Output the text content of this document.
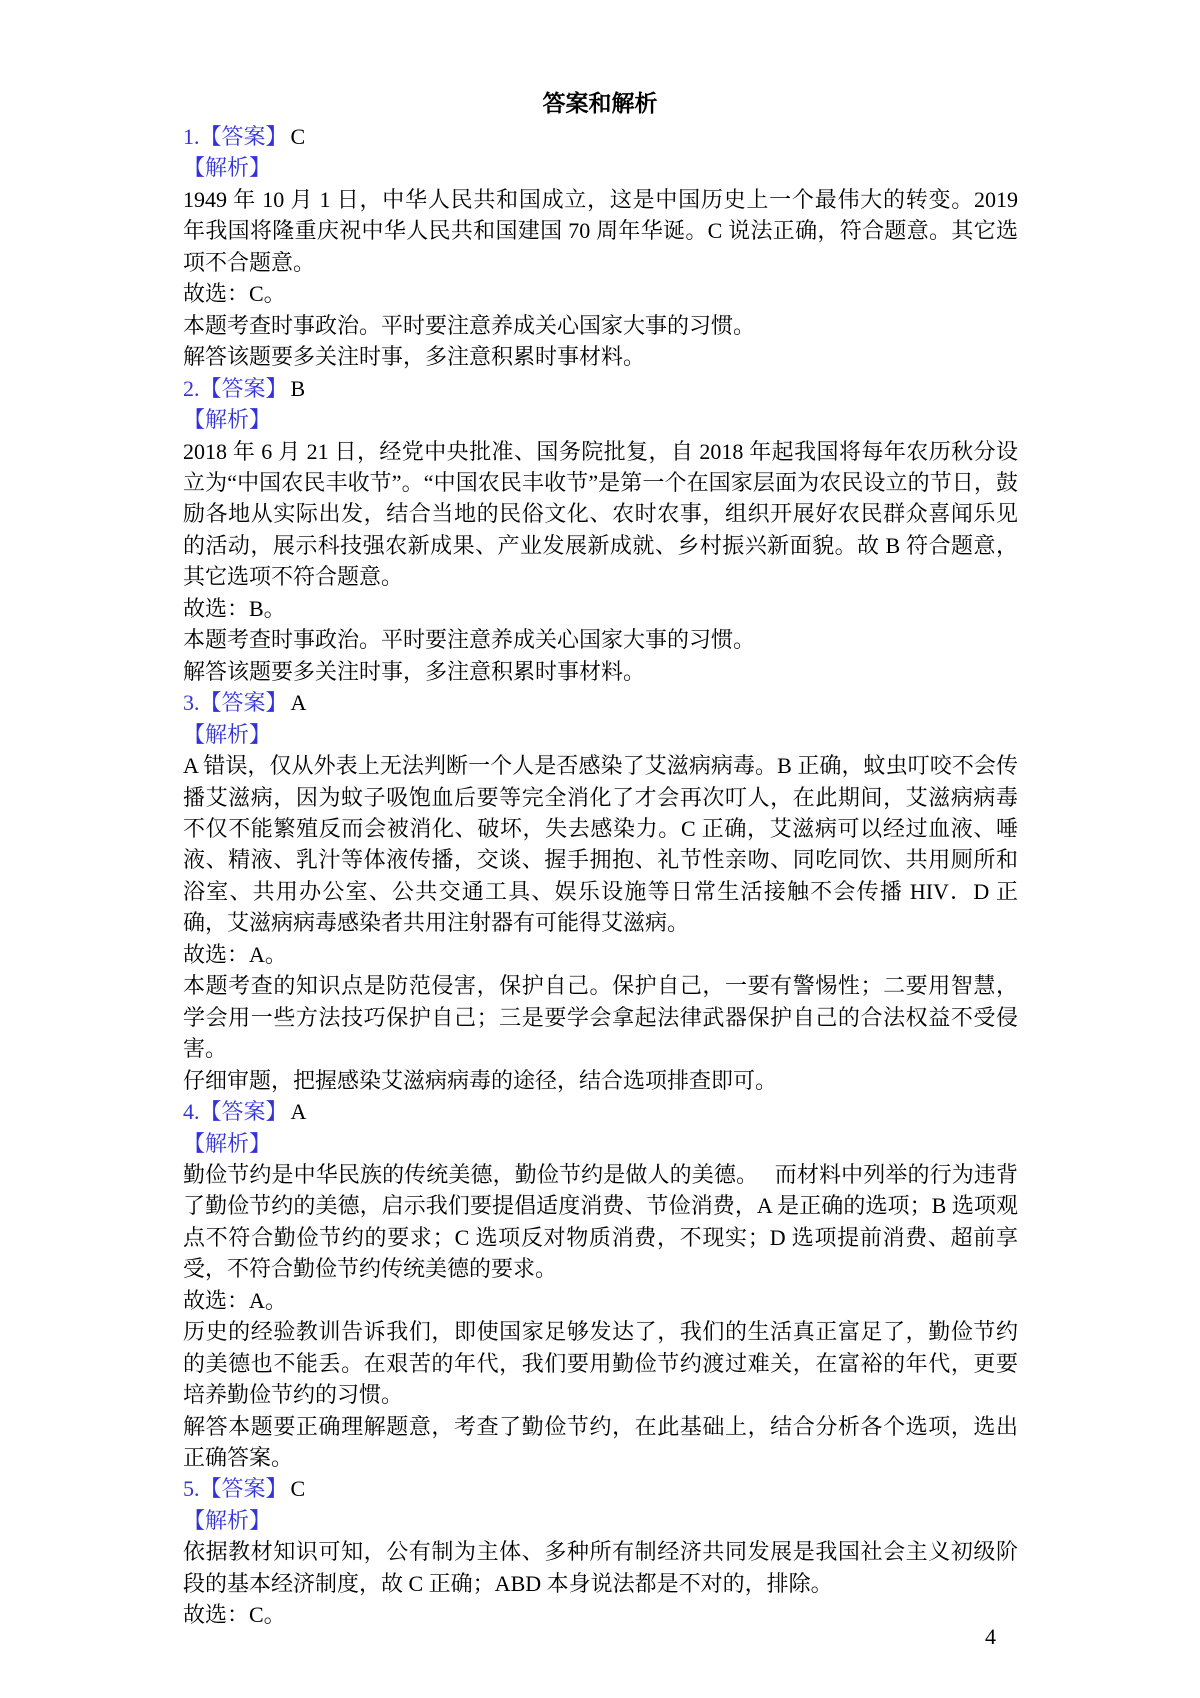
答案和解析
1.【答案】 C
【解析】

1949 年 10 月 1 日，中华人民共和国成立，这是中国历史上一个最伟大的转变。2019 年我国将隆重庆祝中华人民共和国建国 70 周年华诞。C 说法正确，符合题意。其它选项不合题意。

故选：C。

本题考查时事政治。平时要注意养成关心国家大事的习惯。

解答该题要多关注时事，多注意积累时事材料。

2.【答案】 B
【解析】

2018 年 6 月 21 日，经党中央批准、国务院批复，自 2018 年起我国将每年农历秋分设立为“中国农民丰收节”。“中国农民丰收节”是第一个在国家层面为农民设立的节日，鼓励各地从实际出发，结合当地的民俗文化、农时农事，组织开展好农民群众喜闻乐见的活动，展示科技强农新成果、产业发展新成就、乡村振兴新面貌。故 B 符合题意，其它选项不符合题意。

故选：B。

本题考查时事政治。平时要注意养成关心国家大事的习惯。

解答该题要多关注时事，多注意积累时事材料。

3.【答案】 A
【解析】

A 错误，仅从外表上无法判断一个人是否感染了艾滋病病毒。B 正确，蚊虫叮咬不会传播艾滋病，因为蚊子吸饱血后要等完全消化了才会再次叮人，在此期间，艾滋病病毒不仅不能繁殖反而会被消化、破坏，失去感染力。C 正确，艾滋病可以经过血液、唾液、精液、乳汁等体液传播，交谈、握手拥抱、礼节性亲吻、同吃同饮、共用厕所和浴室、共用办公室、公共交通工具、娱乐设施等日常生活接触不会传播 HIV．D 正确，艾滋病病毒感染者共用注射器有可能得艾滋病。

故选：A。

本题考查的知识点是防范侵害，保护自己。保护自己，一要有警惕性；二要用智慧，学会用一些方法技巧保护自己；三是要学会拿起法律武器保护自己的合法权益不受侵害。

仔细审题，把握感染艾滋病病毒的途径，结合选项排查即可。

4.【答案】 A
【解析】

勤俭节约是中华民族的传统美德，勤俭节约是做人的美德。　 而材料中列举的行为违背了勤俭节约的美德，启示我们要提倡适度消费、节俭消费，A 是正确的选项；B 选项观点不符合勤俭节约的要求；C 选项反对物质消费，不现实；D 选项提前消费、超前享受，不符合勤俭节约传统美德的要求。

故选：A。

历史的经验教训告诉我们，即使国家足够发达了，我们的生活真正富足了，勤俭节约的美德也不能丢。在艰苦的年代，我们要用勤俭节约渡过难关，在富裕的年代，更要培养勤俭节约的习惯。

解答本题要正确理解题意，考查了勤俭节约，在此基础上，结合分析各个选项，选出正确答案。

5.【答案】 C
【解析】

依据教材知识可知，公有制为主体、多种所有制经济共同发展是我国社会主义初级阶段的基本经济制度，故 C 正确；ABD 本身说法都是不对的，排除。

故选：C。

4
